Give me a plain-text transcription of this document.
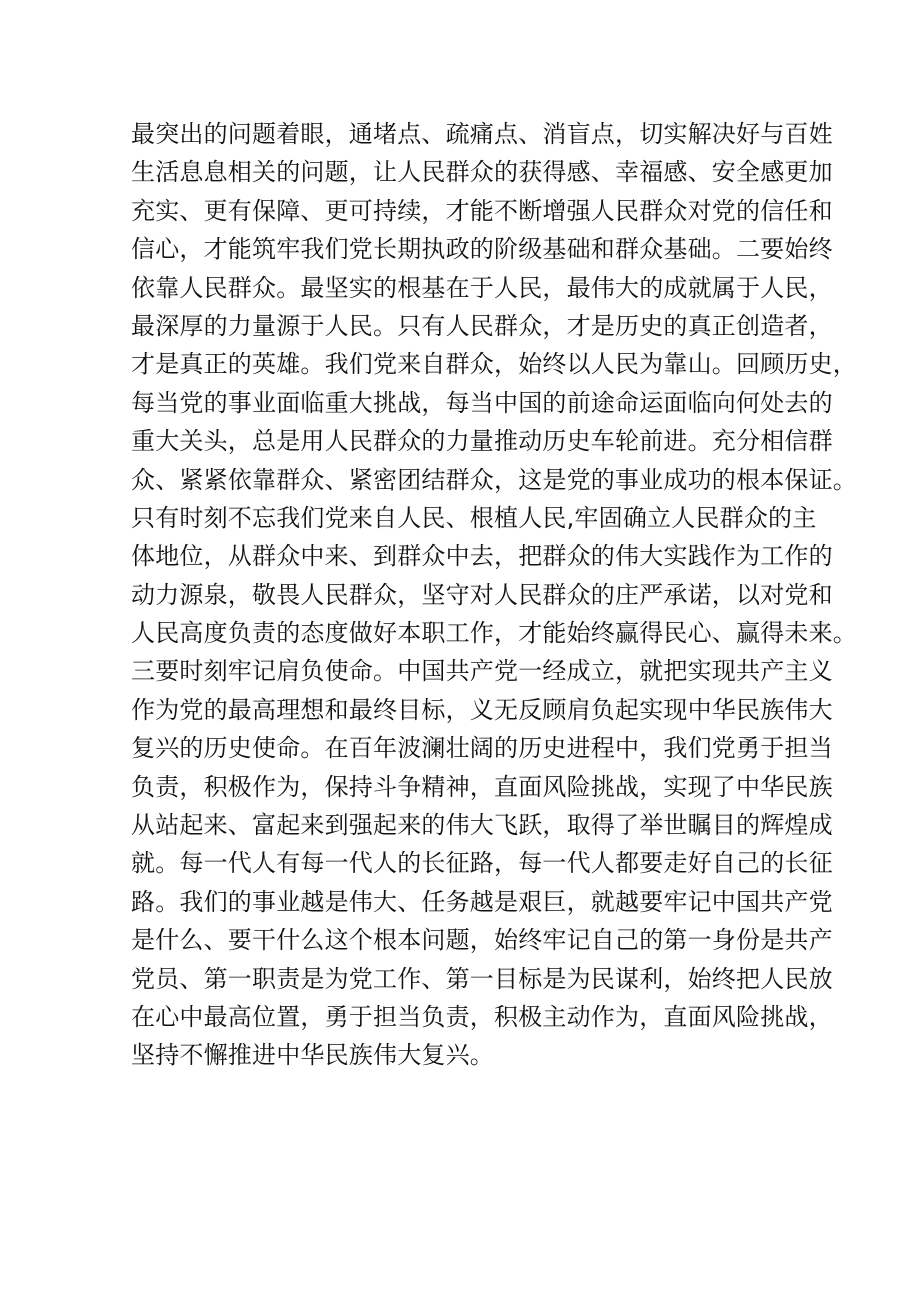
最突出的问题着眼，通堵点、疏痛点、消盲点，切实解决好与百姓
生活息息相关的问题，让人民群众的获得感、幸福感、安全感更加
充实、更有保障、更可持续，才能不断增强人民群众对党的信任和
信心，才能筑牢我们党长期执政的阶级基础和群众基础。二要始终
依靠人民群众。最坚实的根基在于人民，最伟大的成就属于人民，
最深厚的力量源于人民。只有人民群众，才是历史的真正创造者，
才是真正的英雄。我们党来自群众，始终以人民为靠山。回顾历史，
每当党的事业面临重大挑战，每当中国的前途命运面临向何处去的
重大关头，总是用人民群众的力量推动历史车轮前进。充分相信群
众、紧紧依靠群众、紧密团结群众，这是党的事业成功的根本保证。
只有时刻不忘我们党来自人民、根植人民,牢固确立人民群众的主
体地位，从群众中来、到群众中去，把群众的伟大实践作为工作的
动力源泉，敬畏人民群众，坚守对人民群众的庄严承诺，以对党和
人民高度负责的态度做好本职工作，才能始终赢得民心、赢得未来。
三要时刻牢记肩负使命。中国共产党一经成立，就把实现共产主义
作为党的最高理想和最终目标，义无反顾肩负起实现中华民族伟大
复兴的历史使命。在百年波澜壮阔的历史进程中，我们党勇于担当
负责，积极作为，保持斗争精神，直面风险挑战，实现了中华民族
从站起来、富起来到强起来的伟大飞跃，取得了举世瞩目的辉煌成
就。每一代人有每一代人的长征路，每一代人都要走好自己的长征
路。我们的事业越是伟大、任务越是艰巨，就越要牢记中国共产党
是什么、要干什么这个根本问题，始终牢记自己的第一身份是共产
党员、第一职责是为党工作、第一目标是为民谋利，始终把人民放
在心中最高位置，勇于担当负责，积极主动作为，直面风险挑战，
坚持不懈推进中华民族伟大复兴。
